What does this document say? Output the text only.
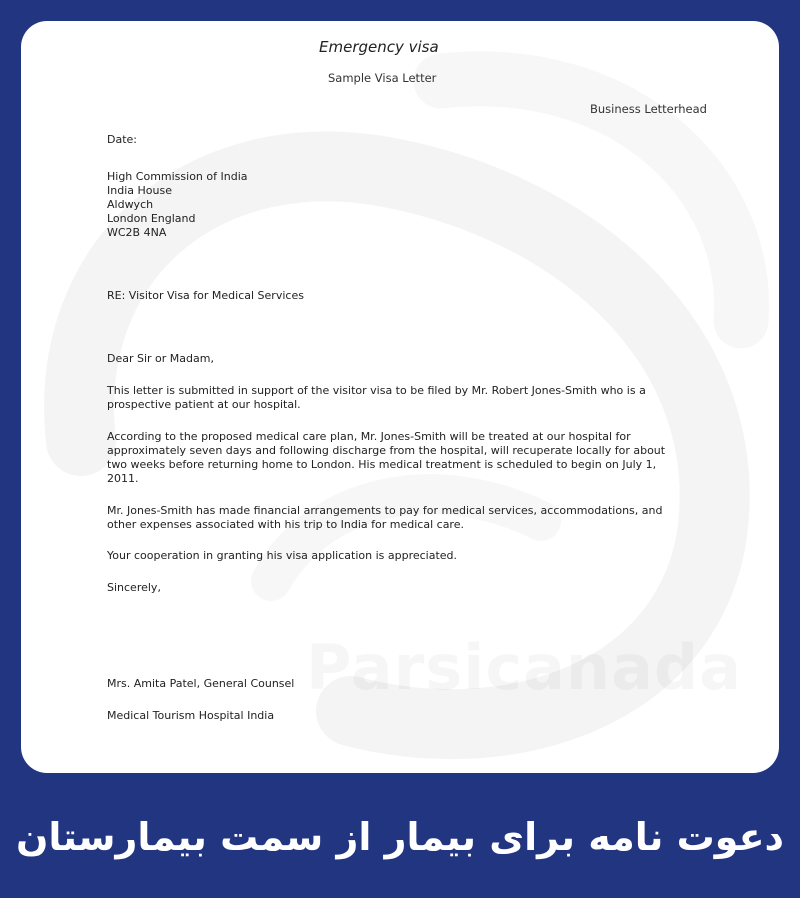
Emergency visa
Sample Visa Letter
Business Letterhead
Date:
High Commission of India
India House
Aldwych
London England
WC2B 4NA
RE: Visitor Visa for Medical Services
Dear Sir or Madam,
This letter is submitted in support of the visitor visa to be filed by Mr. Robert Jones-Smith who is a
prospective patient at our hospital.
According to the proposed medical care plan, Mr. Jones-Smith will be treated at our hospital for
approximately seven days and following discharge from the hospital, will recuperate locally for about
two weeks before returning home to London. His medical treatment is scheduled to begin on July 1,
2011.
Mr. Jones-Smith has made financial arrangements to pay for medical services, accommodations, and
other expenses associated with his trip to India for medical care.
Your cooperation in granting his visa application is appreciated.
Sincerely,
Mrs. Amita Patel, General Counsel
Medical Tourism Hospital India
دعوت نامه برای بیمار از سمت بیمارستان
